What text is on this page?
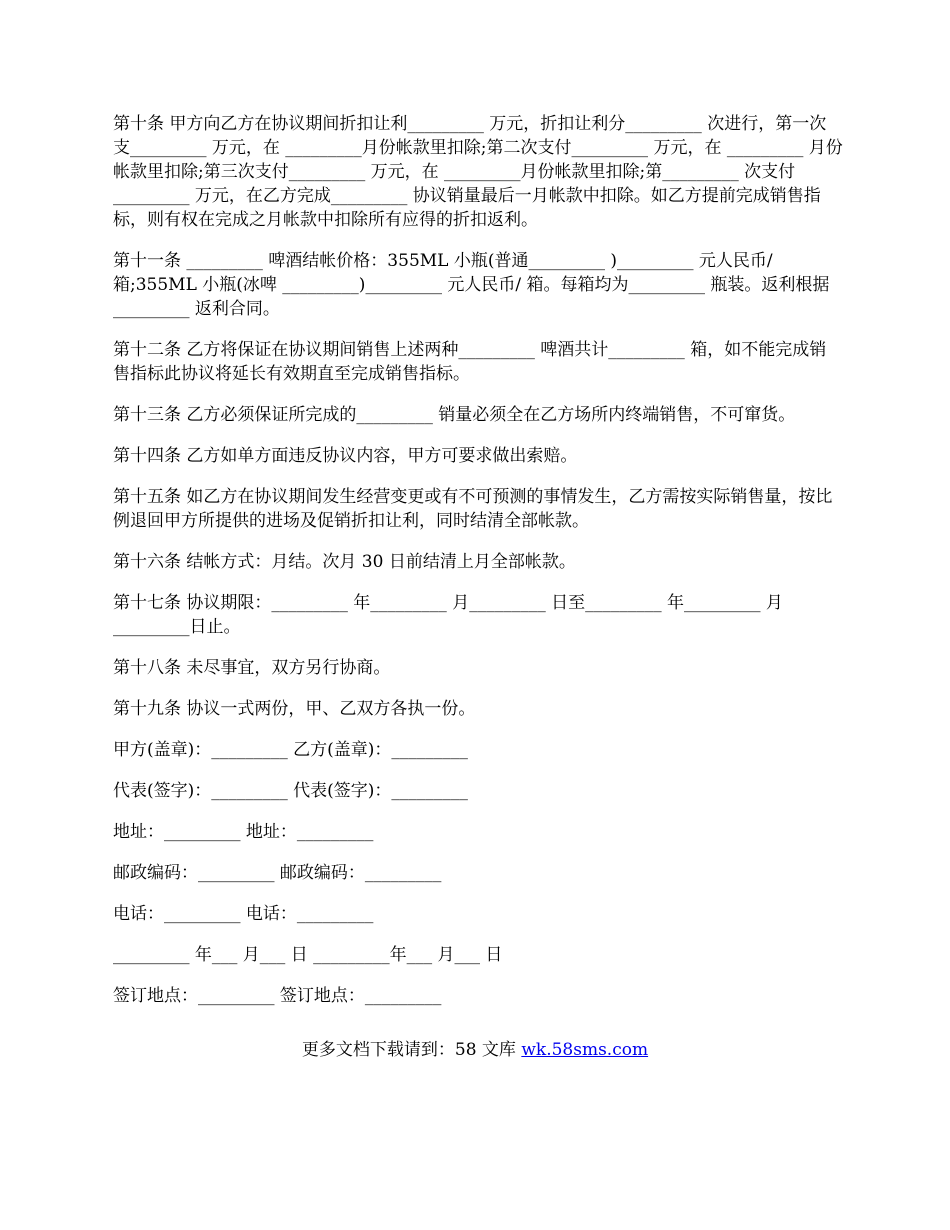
第十条 甲方向乙方在协议期间折扣让利_________ 万元，折扣让利分_________ 次进行，第一次支_________ 万元，在 _________月份帐款里扣除;第二次支付_________ 万元，在 _________ 月份帐款里扣除;第三次支付_________ 万元，在 _________月份帐款里扣除;第_________ 次支付_________ 万元，在乙方完成_________ 协议销量最后一月帐款中扣除。如乙方提前完成销售指标，则有权在完成之月帐款中扣除所有应得的折扣返利。

第十一条 _________ 啤酒结帐价格：355ML 小瓶(普通_________ )_________ 元人民币/ 箱;355ML 小瓶(冰啤 _________)_________ 元人民币/ 箱。每箱均为_________ 瓶装。返利根据_________ 返利合同。

第十二条 乙方将保证在协议期间销售上述两种_________ 啤酒共计_________ 箱，如不能完成销售指标此协议将延长有效期直至完成销售指标。

第十三条 乙方必须保证所完成的_________ 销量必须全在乙方场所内终端销售，不可窜货。

第十四条 乙方如单方面违反协议内容，甲方可要求做出索赔。

第十五条 如乙方在协议期间发生经营变更或有不可预测的事情发生，乙方需按实际销售量，按比例退回甲方所提供的进场及促销折扣让利，同时结清全部帐款。

第十六条 结帐方式：月结。次月 30 日前结清上月全部帐款。

第十七条 协议期限：_________ 年_________ 月_________ 日至_________ 年_________ 月 _________日止。

第十八条 未尽事宜，双方另行协商。

第十九条 协议一式两份，甲、乙双方各执一份。

甲方(盖章)：_________ 乙方(盖章)：_________

代表(签字)：_________ 代表(签字)：_________

地址：_________ 地址：_________

邮政编码：_________ 邮政编码：_________

电话：_________ 电话：_________

_________ 年___ 月___ 日 _________年___ 月___ 日

签订地点：_________ 签订地点：_________

更多文档下载请到：58 文库 wk.58sms.com
